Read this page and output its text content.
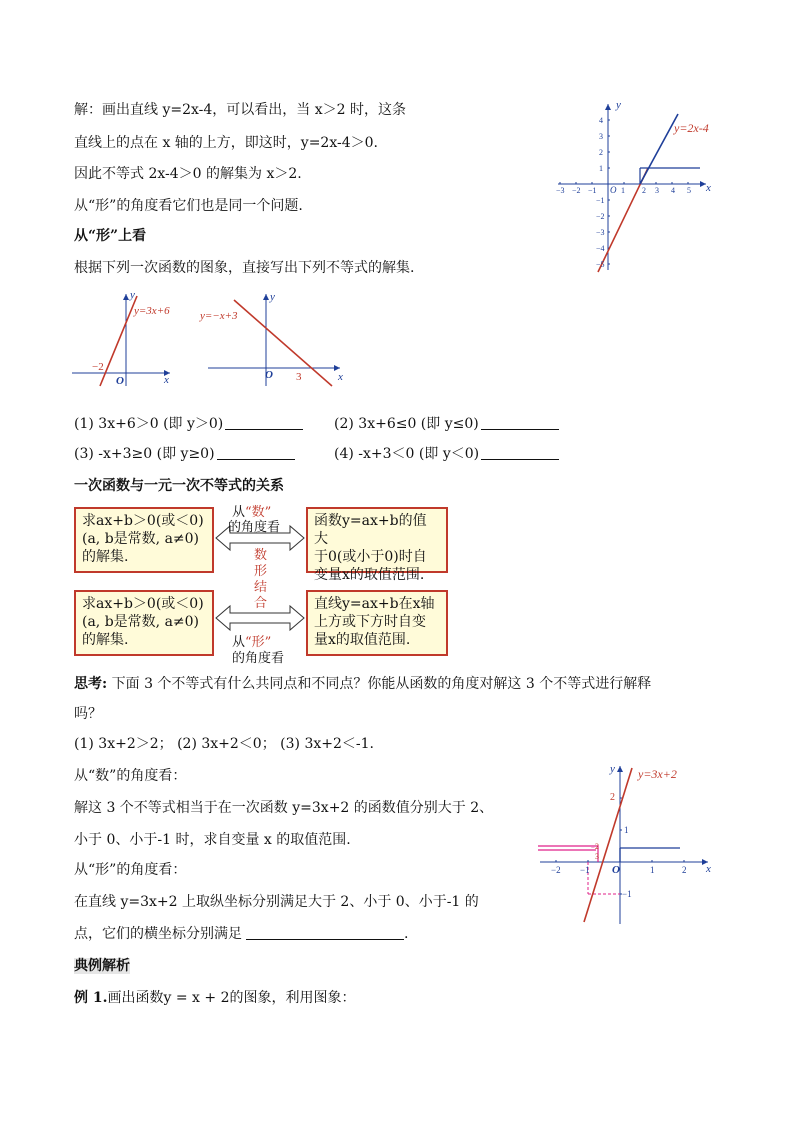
解：画出直线 y=2x-4，可以看出，当 x＞2 时，这条
直线上的点在 x 轴的上方，即这时，y=2x-4＞0.
因此不等式 2x-4＞0 的解集为 x＞2.
从“形”的角度看它们也是同一个问题.
从“形”上看
根据下列一次函数的图象，直接写出下列不等式的解集.
y=2x-4
y
x
O
−3 −2 −1	1 2 3 4 5
4
3
2
1
−1
−2
−3
−4
−5
y=3x+6
y
x
O
−2
y=−x+3
y
x
O 3
(1) 3x+6＞0 (即 y＞0)	(2) 3x+6≤0 (即 y≤0)
(3) -x+3≥0 (即 y≥0)	(4) -x+3＜0 (即 y＜0)
一次函数与一元一次不等式的关系
求ax+b＞0(或＜0)
(a, b是常数, a≠0)
的解集.
函数y=ax+b的值大
于0(或小于0)时自
变量x的取值范围.
求ax+b＞0(或＜0)
(a, b是常数, a≠0)
的解集.
直线y=ax+b在x轴
上方或下方时自变
量x的取值范围.
从“数”
的角度看
从“形”
的角度看
数
形
结
合
思考: 下面 3 个不等式有什么共同点和不同点？你能从函数的角度对解这 3 个不等式进行解释
吗？
(1) 3x+2＞2； (2) 3x+2＜0； (3) 3x+2＜-1.
从“数”的角度看：
解这 3 个不等式相当于在一次函数 y=3x+2 的函数值分别大于 2、
小于 0、小于-1 时，求自变量 x 的取值范围.
从“形”的角度看：
在直线 y=3x+2 上取纵坐标分别满足大于 2、小于 0、小于-1 的
点，它们的横坐标分别满足	.
y=3x+2
y
x
O
−2 −1	1	2
1
−1
2
− 2
3
典例解析
例 1.画出函数y = x + 2的图象，利用图象：
